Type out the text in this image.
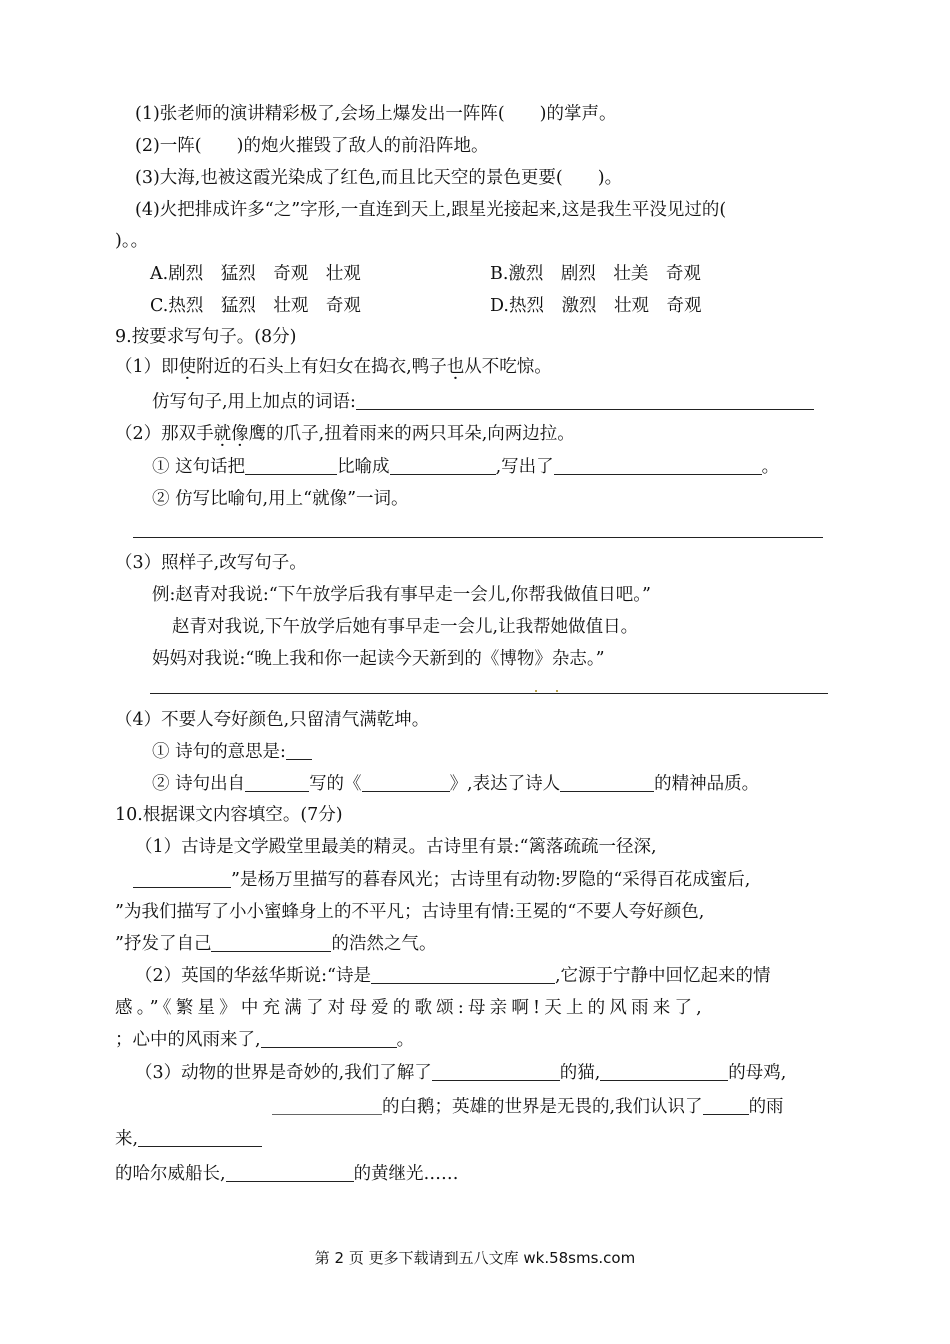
(1)张老师的演讲精彩极了,会场上爆发出一阵阵(　　)的掌声。
(2)一阵(　　)的炮火摧毁了敌人的前沿阵地。
(3)大海,也被这霞光染成了红色,而且比天空的景色更要(　　)。
(4)火把排成许多“之”字形,一直连到天上,跟星光接起来,这是我生平没见过的(
)。。
A.剧烈　猛烈　奇观　壮观	B.激烈　剧烈　壮美　奇观
C.热烈　猛烈　壮观　奇观	D.热烈　激烈　壮观　奇观
9.按要求写句子。(8分)
（1）即使附近的石头上有妇女在捣衣,鸭子也从不吃惊。
仿写句子,用上加点的词语:
（2）那双手就像鹰的爪子,扭着雨来的两只耳朵,向两边拉。
① 这句话把	比喻成	,写出了	。
② 仿写比喻句,用上“就像”一词。
（3）照样子,改写句子。
例:赵青对我说:“下午放学后我有事早走一会儿,你帮我做值日吧。”
赵青对我说,下午放学后她有事早走一会儿,让我帮她做值日。
妈妈对我说:“晚上我和你一起读今天新到的《博物》杂志。”
（4）不要人夸好颜色,只留清气满乾坤。
① 诗句的意思是:
② 诗句出自	写的《	》,表达了诗人	的精神品质。
10.根据课文内容填空。(7分)
（1）古诗是文学殿堂里最美的精灵。古诗里有景:“篱落疏疏一径深,
”是杨万里描写的暮春风光；古诗里有动物:罗隐的“采得百花成蜜后,
”为我们描写了小小蜜蜂身上的不平凡；古诗里有情:王冕的“不要人夸好颜色,
”抒发了自己	的浩然之气。
（2）英国的华兹华斯说:“诗是	,它源于宁静中回忆起来的情
感。”《繁星》中充满了对母爱的歌颂:母亲啊!天上的风雨来了,
；心中的风雨来了,	。
（3）动物的世界是奇妙的,我们了解了	的猫,	的母鸡,
的白鹅；英雄的世界是无畏的,我们认识了	的雨
来,
的哈尔威船长,	的黄继光……
第 2 页 更多下载请到五八文库 wk.58sms.com
